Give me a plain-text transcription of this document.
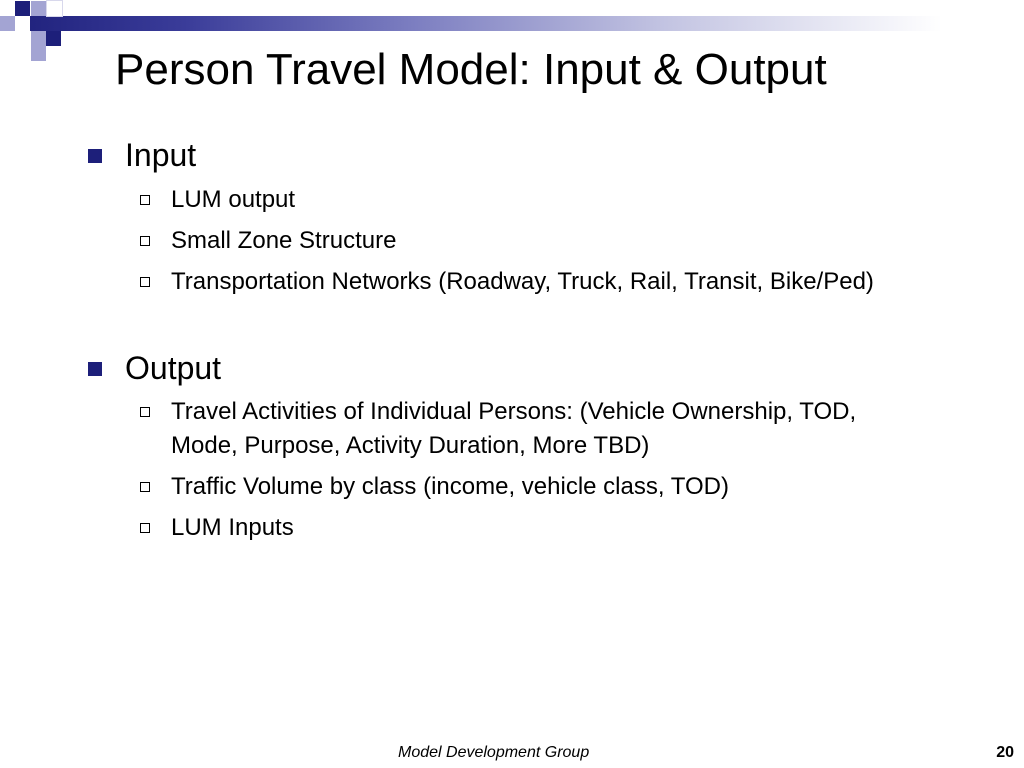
Person Travel Model: Input & Output
Input
LUM output
Small Zone Structure
Transportation Networks (Roadway, Truck, Rail, Transit, Bike/Ped)
Output
Travel Activities of Individual Persons: (Vehicle Ownership, TOD,
Mode, Purpose, Activity Duration, More TBD)
Traffic Volume by class (income, vehicle class, TOD)
LUM Inputs
Model Development Group	20
